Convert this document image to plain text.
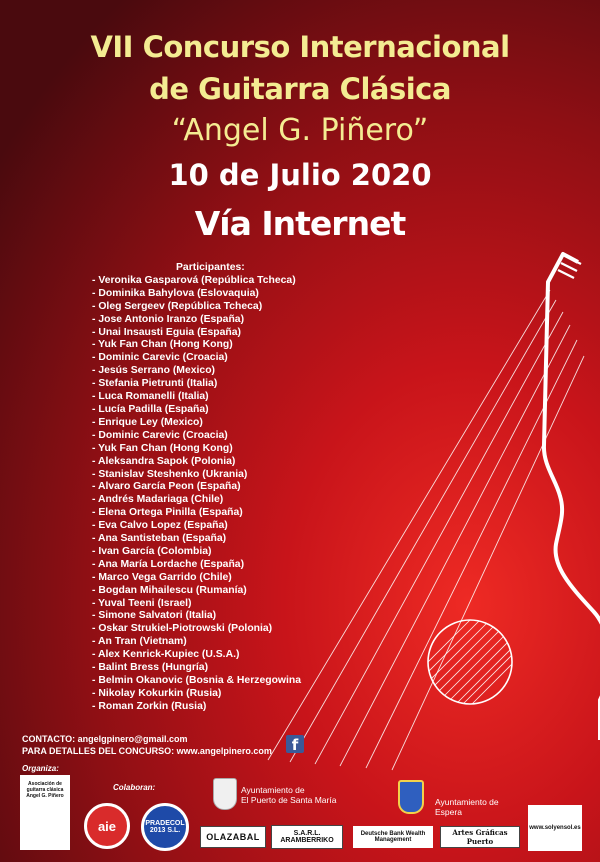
VII Concurso Internacional
de Guitarra Clásica
“Angel G. Piñero”
10 de Julio 2020
Vía Internet
Participantes:
- Veronika Gasparová (República Tcheca)
- Dominika Bahylova (Eslovaquia)
- Oleg Sergeev (República Tcheca)
- Jose Antonio Iranzo (España)
- Unai Insausti Eguia (España)
- Yuk Fan Chan (Hong Kong)
- Dominic Carevic (Croacia)
- Jesús Serrano (Mexico)
- Stefania Pietrunti (Italia)
- Luca Romanelli (Italia)
- Lucía Padilla (España)
- Enrique Ley (Mexico)
- Dominic Carevic (Croacia)
- Yuk Fan Chan (Hong Kong)
- Aleksandra Sapok (Polonia)
- Stanislav Steshenko (Ukrania)
- Alvaro García Peon (España)
- Andrés Madariaga (Chile)
- Elena Ortega Pinilla (España)
- Eva Calvo Lopez (España)
- Ana Santisteban (España)
- Ivan García (Colombia)
- Ana María Lordache (España)
- Marco Vega Garrido (Chile)
- Bogdan Mihailescu (Rumanía)
- Yuval Teeni (Israel)
- Simone Salvatori (Italia)
- Oskar Strukiel-Piotrowski (Polonia)
- An Tran (Vietnam)
- Alex Kenrick-Kupiec (U.S.A.)
- Balint Bress (Hungría)
- Belmin Okanovic (Bosnia & Herzegowina
- Nikolay Kokurkin (Rusia)
- Roman Zorkin (Rusia)
CONTACTO: angelgpinero@gmail.com
PARA DETALLES DEL CONCURSO: www.angelpinero.com	f
Organiza:
Colaboran:
Asociación de guitarra clásica Angel G. Piñero
aie	PRADECOL 2013 S.L.
Ayuntamiento de
El Puerto de Santa María	Ayuntamiento de
Espera
OLAZABAL	S.A.R.L. ARAMBERRIKO
Deutsche Bank Wealth Management
Artes Gráficas Puerto
www.solyensol.es
